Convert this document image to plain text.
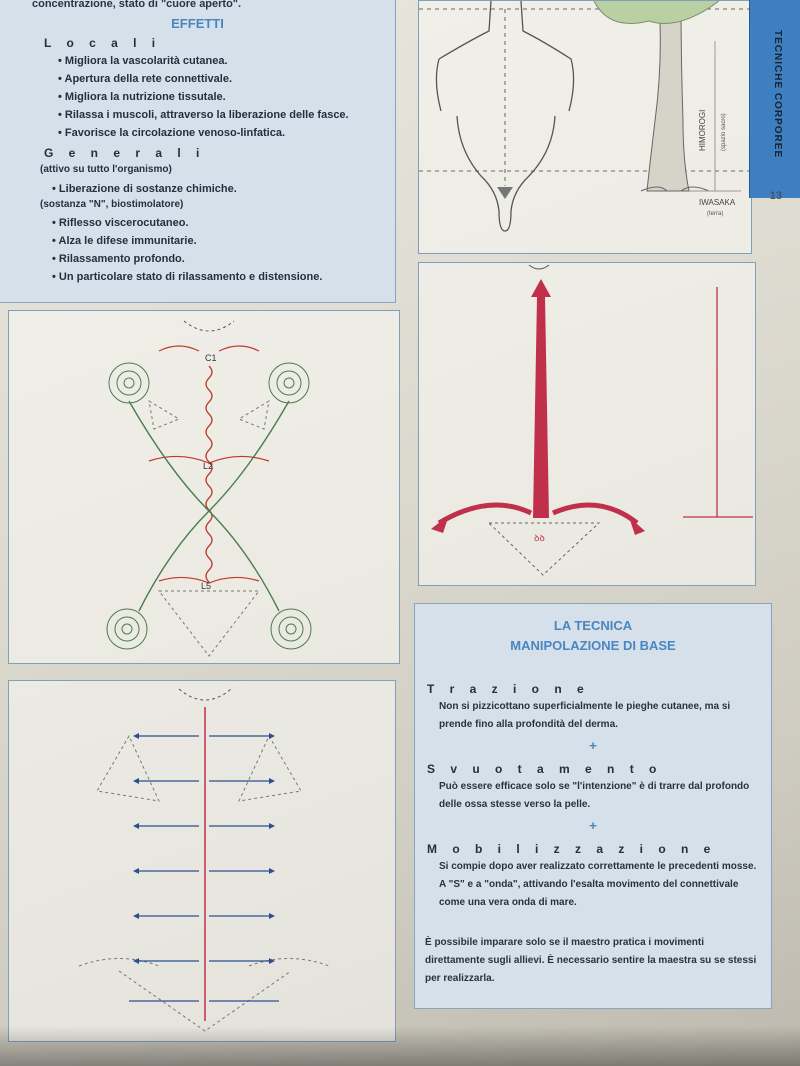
concentrazione, stato di "cuore aperto".
EFFETTI
L o c a l i
• Migliora la vascolarità cutanea.
• Apertura della rete connettivale.
• Migliora la nutrizione tissutale.
• Rilassa i muscoli, attraverso la liberazione delle fasce.
• Favorisce la circolazione venoso-linfatica.
G e n e r a l i
(attivo su tutto l'organismo)
• Liberazione di sostanze chimiche.
(sostanza "N", biostimolatore)
• Riflesso viscerocutaneo.
• Alza le difese immunitarie.
• Rilassamento profondo.
• Un particolare stato di rilassamento e distensione.
HIMOROGI (spazio sacro)
IWASAKA
(terra)
TECNICHE CORPOREE
13
C1
L2
L5
ꝺꝺ
LA TECNICA
MANIPOLAZIONE DI BASE
T r a z i o n e
Non si pizzicottano superficialmente le pieghe cutanee, ma si prende fino alla profondità del derma.
+
S v u o t a m e n t o
Può essere efficace solo se "l'intenzione" è di trarre dal profondo delle ossa stesse verso la pelle.
+
M o b i l i z z a z i o n e
Si compie dopo aver realizzato correttamente le precedenti mosse. A "S" e a "onda", attivando l'esalta movimento del connettivale come una vera onda di mare.
È possibile imparare solo se il maestro pratica i movimenti direttamente sugli allievi. È necessario sentire la maestra su se stessi per realizzarla.
